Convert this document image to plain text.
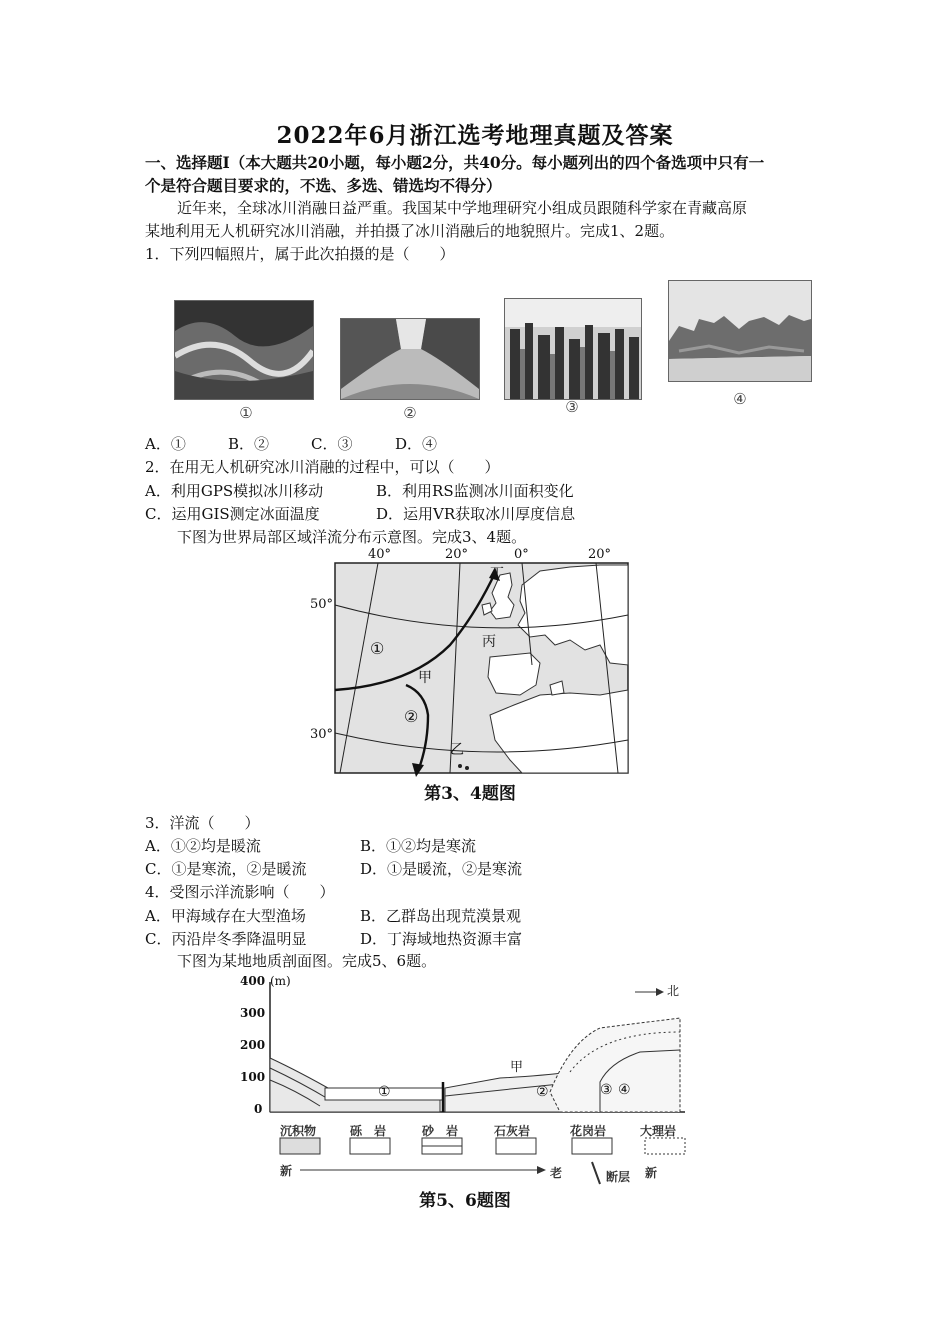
2022年6月浙江选考地理真题及答案
一、选择题Ⅰ（本大题共20小题，每小题2分，共40分。每小题列出的四个备选项中只有一
个是符合题目要求的，不选、多选、错选均不得分）
近年来，全球冰川消融日益严重。我国某中学地理研究小组成员跟随科学家在青藏高原
某地利用无人机研究冰川消融，并拍摄了冰川消融后的地貌照片。完成1、2题。
1．下列四幅照片，属于此次拍摄的是（　　）
①	②	③	④
A．①	B．②	C．③	D．④
2．在用无人机研究冰川消融的过程中，可以（　　）
A．利用GPS模拟冰川移动	B．利用RS监测冰川面积变化
C．运用GIS测定冰面温度	D．运用VR获取冰川厚度信息
下图为世界局部区域洋流分布示意图。完成3、4题。
40°	20°	0°	20°
50°
30°
①
②
丁
丙
甲
乙
第3、4题图
3．洋流（　　）
A．①②均是暖流	B．①②均是寒流
C．①是寒流，②是暖流	D．①是暖流，②是寒流
4．受图示洋流影响（　　）
A．甲海域存在大型渔场	B．乙群岛出现荒漠景观
C．丙沿岸冬季降温明显	D．丁海域地热资源丰富
下图为某地地质剖面图。完成5、6题。
400 (m)
300
200
100
0
北
①	②	③ ④
甲
沉积物	砾　岩	砂　岩	石灰岩	花岗岩	大理岩
新	老	断层 新
第5、6题图
